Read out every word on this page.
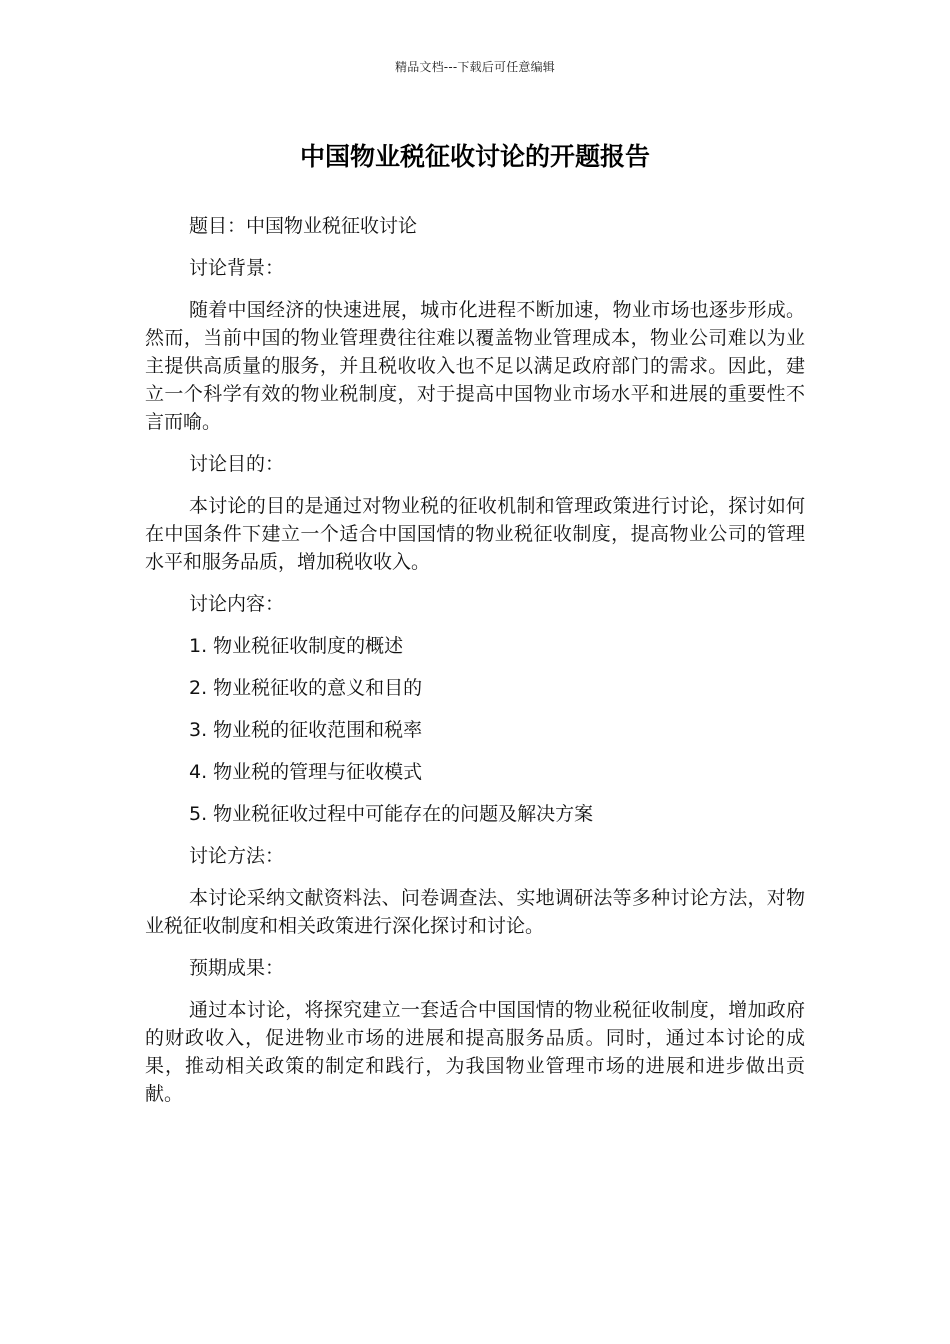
精品文档---下载后可任意编辑
中国物业税征收讨论的开题报告

题目：中国物业税征收讨论

讨论背景：

随着中国经济的快速进展，城市化进程不断加速，物业市场也逐步形成。然而，当前中国的物业管理费往往难以覆盖物业管理成本，物业公司难以为业主提供高质量的服务，并且税收收入也不足以满足政府部门的需求。因此，建立一个科学有效的物业税制度，对于提高中国物业市场水平和进展的重要性不言而喻。

讨论目的：

本讨论的目的是通过对物业税的征收机制和管理政策进行讨论，探讨如何在中国条件下建立一个适合中国国情的物业税征收制度，提高物业公司的管理水平和服务品质，增加税收收入。

讨论内容：

1. 物业税征收制度的概述

2. 物业税征收的意义和目的

3. 物业税的征收范围和税率

4. 物业税的管理与征收模式

5. 物业税征收过程中可能存在的问题及解决方案

讨论方法：

本讨论采纳文献资料法、问卷调查法、实地调研法等多种讨论方法，对物业税征收制度和相关政策进行深化探讨和讨论。

预期成果：

通过本讨论，将探究建立一套适合中国国情的物业税征收制度，增加政府的财政收入，促进物业市场的进展和提高服务品质。同时，通过本讨论的成果，推动相关政策的制定和践行，为我国物业管理市场的进展和进步做出贡献。
